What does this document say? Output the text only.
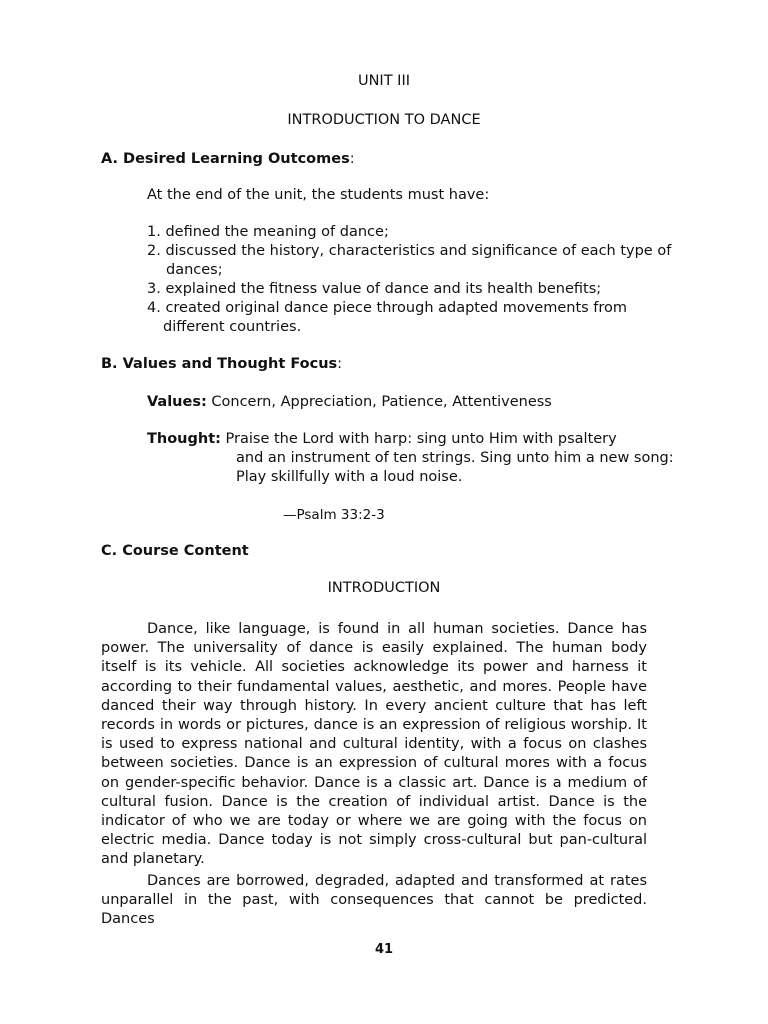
UNIT III
INTRODUCTION TO DANCE
A. Desired Learning Outcomes:
At the end of the unit, the students must have:
1. defined the meaning of dance;
2. discussed the history, characteristics and significance of each type of
dances;
3. explained the fitness value of dance and its health benefits;
4. created original dance piece through adapted movements from
different countries.
B. Values and Thought Focus:
Values: Concern, Appreciation, Patience, Attentiveness
Thought: Praise the Lord with harp: sing unto Him with psaltery
and an instrument of ten strings. Sing unto him a new song:
Play skillfully with a loud noise.
—Psalm 33:2-3
C. Course Content
INTRODUCTION

Dance, like language, is found in all human societies. Dance has power. The universality of dance is easily explained. The human body itself is its vehicle. All societies acknowledge its power and harness it according to their fundamental values, aesthetic, and mores. People have danced their way through history. In every ancient culture that has left records in words or pictures, dance is an expression of religious worship. It is used to express national and cultural identity, with a focus on clashes between societies. Dance is an expression of cultural mores with a focus on gender-specific behavior. Dance is a classic art. Dance is a medium of cultural fusion. Dance is the creation of individual artist. Dance is the indicator of who we are today or where we are going with the focus on electric media. Dance today is not simply cross-cultural but pan-cultural and planetary.

Dances are borrowed, degraded, adapted and transformed at rates unparallel in the past, with consequences that cannot be predicted. Dances

41
